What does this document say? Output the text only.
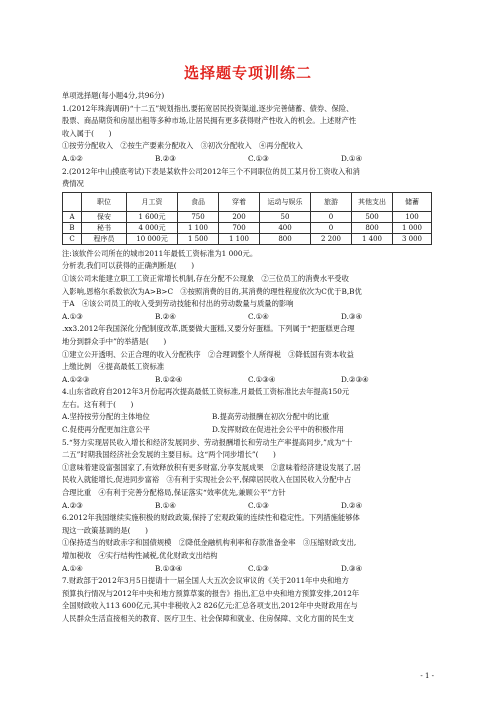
选择题专项训练二

单项选择题(每小题4分,共96分)

1.(2012年珠海调研)“十二五”规划指出,要拓宽居民投资渠道,逐步完善储蓄、债券、保险、

股票、商品期货和房屋出租等多种市场,让居民拥有更多获得财产性收入的机会。上述财产性

收入属于(　　)

①按劳分配收入　②按生产要素分配收入　③初次分配收入　④再分配收入

A.①②	B.②③	C.①③	D.①④

2.(2012年中山摸底考试)下表是某软件公司2012年三个不同职位的员工某月份工资收入和消

费情况

	职位	月工资	食品	穿着	运动与娱乐	旅游	其他支出	储蓄
A	保安	1 600元	750	200	50	0	500	100
B	秘书	4 000元	1 100	700	400	0	800	1 000
C	程序员	10 000元	1 500	1 100	800	2 200	1 400	3 000

注:该软件公司所在的城市2011年最低工资标准为1 000元。

分析表,我们可以获得的正确判断是(　　)

①该公司未能建立职工工资正常增长机制,存在分配不公现象　②三位员工的消费水平受收

入影响,恩格尔系数依次为A>B>C　③按照消费的目的,其消费的理性程度依次为C优于B,B优

于A　④该公司员工的收入受到劳动技能和付出的劳动数量与质量的影响

A.①③	B.②④	C.①④	D.③④

.xx3.2012年我国深化分配制度改革,既要做大蛋糕,又要分好蛋糕。下列属于“把蛋糕更合理

地分到群众手中”的举措是(　　)

①建立公开透明、公正合理的收入分配秩序　②合理调整个人所得税　③降低国有资本收益

上缴比例　④提高最低工资标准

A.①②③	B.①②④	C.①③④	D.②③④

4.山东省政府自2012年3月份起再次提高最低工资标准,月最低工资标准比去年提高150元

左右。这有利于(　　)

A.坚持按劳分配的主体地位	B.提高劳动报酬在初次分配中的比重

C.促使再分配更加注意公平	D.发挥财政在促进社会公平中的积极作用

5.“努力实现居民收入增长和经济发展同步、劳动报酬增长和劳动生产率提高同步,”成为“十

二五”时期我国经济社会发展的主要目标。这“两个同步增长”(　　)

①意味着建设富强国家了,有效释放积有更多财富,分享发展成果　②意味着经济建设发展了,居

民收入就能增长,促进同步富裕　③有利于实现社会公平,保障居民收入在国民收入分配中占

合理比重　④有利于完善分配格局,保证落实“效率优先,兼顾公平”方针

A.②③	B.①④	C.①③	D.②④

6.2012年我国继续实施积极的财政政策,保持了宏观政策的连续性和稳定性。下列措施能够体

现这一政策基调的是(　　)

①保持适当的财政赤字和国债规模　②降低金融机构利率和存款准备金率　③压缩财政支出,

增加税收　④实行结构性减税,优化财政支出结构

A.①④	B.①③④	C.①③	D.③④

7.财政部于2012年3月5日提请十一届全国人大五次会议审议的《关于2011年中央和地方

预算执行情况与2012年中央和地方预算草案的报告》指出,汇总中央和地方预算安排,2012年

全国财政收入113 600亿元,其中非税收入2 826亿元;汇总各项支出,2012年中央财政用在与

人民群众生活直接相关的教育、医疗卫生、社会保障和就业、住房保障、文化方面的民生支

- 1 -
